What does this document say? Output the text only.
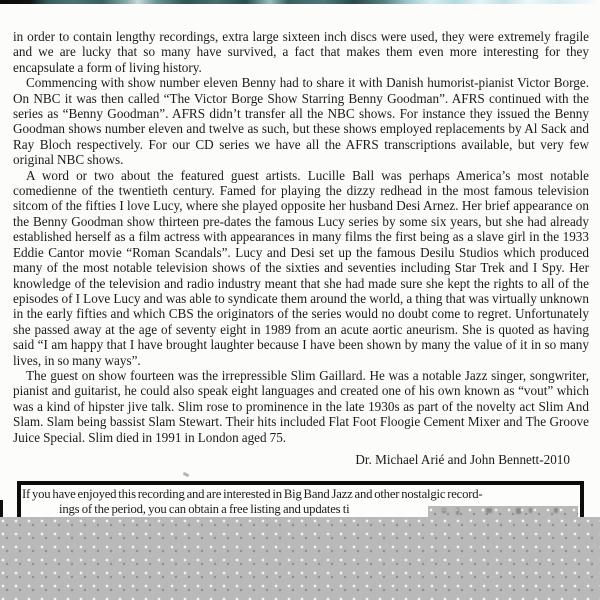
in order to contain lengthy recordings, extra large sixteen inch discs were used, they were extremely fragile and we are lucky that so many have survived, a fact that makes them even more interesting for they encapsulate a form of living history.
Commencing with show number eleven Benny had to share it with Danish humorist-pianist Victor Borge. On NBC it was then called “The Victor Borge Show Starring Benny Goodman”. AFRS continued with the series as “Benny Goodman”. AFRS didn’t transfer all the NBC shows. For instance they issued the Benny Goodman shows number eleven and twelve as such, but these shows employed replacements by Al Sack and Ray Bloch respectively. For our CD series we have all the AFRS transcriptions available, but very few original NBC shows.
A word or two about the featured guest artists. Lucille Ball was perhaps America’s most notable comedienne of the twentieth century. Famed for playing the dizzy redhead in the most famous television sitcom of the fifties I love Lucy, where she played opposite her husband Desi Arnez. Her brief appearance on the Benny Goodman show thirteen pre-dates the famous Lucy series by some six years, but she had already established herself as a film actress with appearances in many films the first being as a slave girl in the 1933 Eddie Cantor movie “Roman Scandals”. Lucy and Desi set up the famous Desilu Studios which produced many of the most notable television shows of the sixties and seventies including Star Trek and I Spy. Her knowledge of the television and radio industry meant that she had made sure she kept the rights to all of the episodes of I Love Lucy and was able to syndicate them around the world, a thing that was virtually unknown in the early fifties and which CBS the originators of the series would no doubt come to regret. Unfortunately she passed away at the age of seventy eight in 1989 from an acute aortic aneurism. She is quoted as having said “I am happy that I have brought laughter because I have been shown by many the value of it in so many lives, in so many ways”.
The guest on show fourteen was the irrepressible Slim Gaillard. He was a notable Jazz singer, songwriter, pianist and guitarist, he could also speak eight languages and created one of his own known as “vout” which was a kind of hipster jive talk. Slim rose to prominence in the late 1930s as part of the novelty act Slim And Slam. Slam being bassist Slam Stewart. Their hits included Flat Foot Floogie Cement Mixer and The Groove Juice Special. Slim died in 1991 in London aged 75.
Dr. Michael Arié and John Bennett-2010
If you have enjoyed this recording and are interested in Big Band Jazz and other nostalgic record-
ings of the period, you can obtain a free listing and updates ti
